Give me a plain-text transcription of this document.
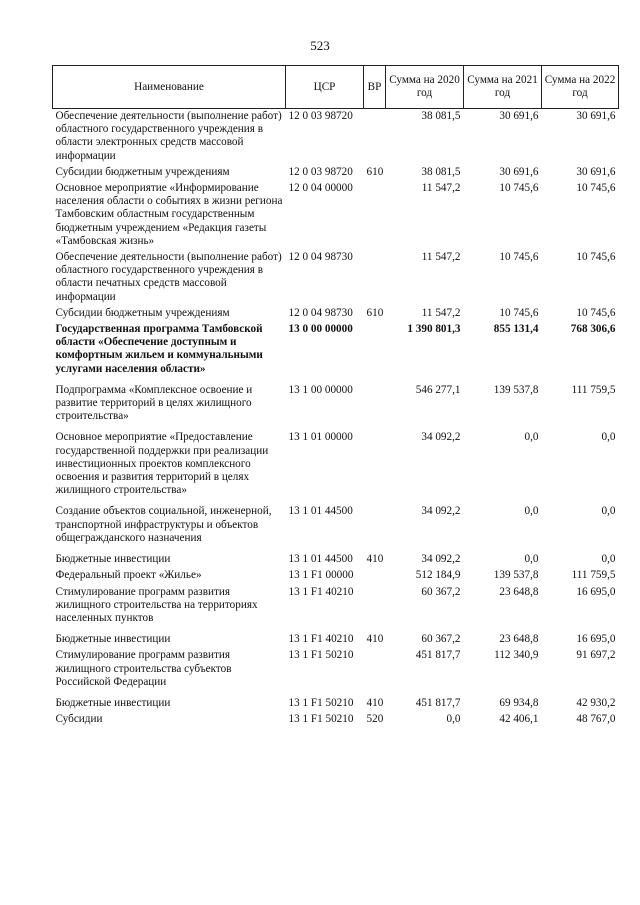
523
Наименование	ЦСР	ВР	Сумма на 2020 год	Сумма на 2021 год	Сумма на 2022 год
Обеспечение деятельности (выполнение работ) областного государственного учреждения в области электронных средств массовой информации	12 0 03 98720		38 081,5	30 691,6	30 691,6
Субсидии бюджетным учреждениям	12 0 03 98720	610	38 081,5	30 691,6	30 691,6
Основное мероприятие «Информирование населения области о событиях в жизни региона Тамбовским областным государственным бюджетным учреждением «Редакция газеты «Тамбовская жизнь»	12 0 04 00000		11 547,2	10 745,6	10 745,6
Обеспечение деятельности (выполнение работ) областного государственного учреждения в области печатных средств массовой информации	12 0 04 98730		11 547,2	10 745,6	10 745,6
Субсидии бюджетным учреждениям	12 0 04 98730	610	11 547,2	10 745,6	10 745,6
Государственная программа Тамбовской области «Обеспечение доступным и комфортным жильем и коммунальными услугами населения области»	13 0 00 00000		1 390 801,3	855 131,4	768 306,6
Подпрограмма «Комплексное освоение и развитие территорий в целях жилищного строительства»	13 1 00 00000		546 277,1	139 537,8	111 759,5
Основное мероприятие «Предоставление государственной поддержки при реализации инвестиционных проектов комплексного освоения и развития территорий в целях жилищного строительства»	13 1 01 00000		34 092,2	0,0	0,0
Создание объектов социальной, инженерной, транспортной инфраструктуры и объектов общегражданского назначения	13 1 01 44500		34 092,2	0,0	0,0
Бюджетные инвестиции	13 1 01 44500	410	34 092,2	0,0	0,0
Федеральный проект «Жилье»	13 1 F1 00000		512 184,9	139 537,8	111 759,5
Стимулирование программ развития жилищного строительства на территориях населенных пунктов	13 1 F1 40210		60 367,2	23 648,8	16 695,0
Бюджетные инвестиции	13 1 F1 40210	410	60 367,2	23 648,8	16 695,0
Стимулирование программ развития жилищного строительства субъектов Российской Федерации	13 1 F1 50210		451 817,7	112 340,9	91 697,2
Бюджетные инвестиции	13 1 F1 50210	410	451 817,7	69 934,8	42 930,2
Субсидии	13 1 F1 50210	520	0,0	42 406,1	48 767,0
